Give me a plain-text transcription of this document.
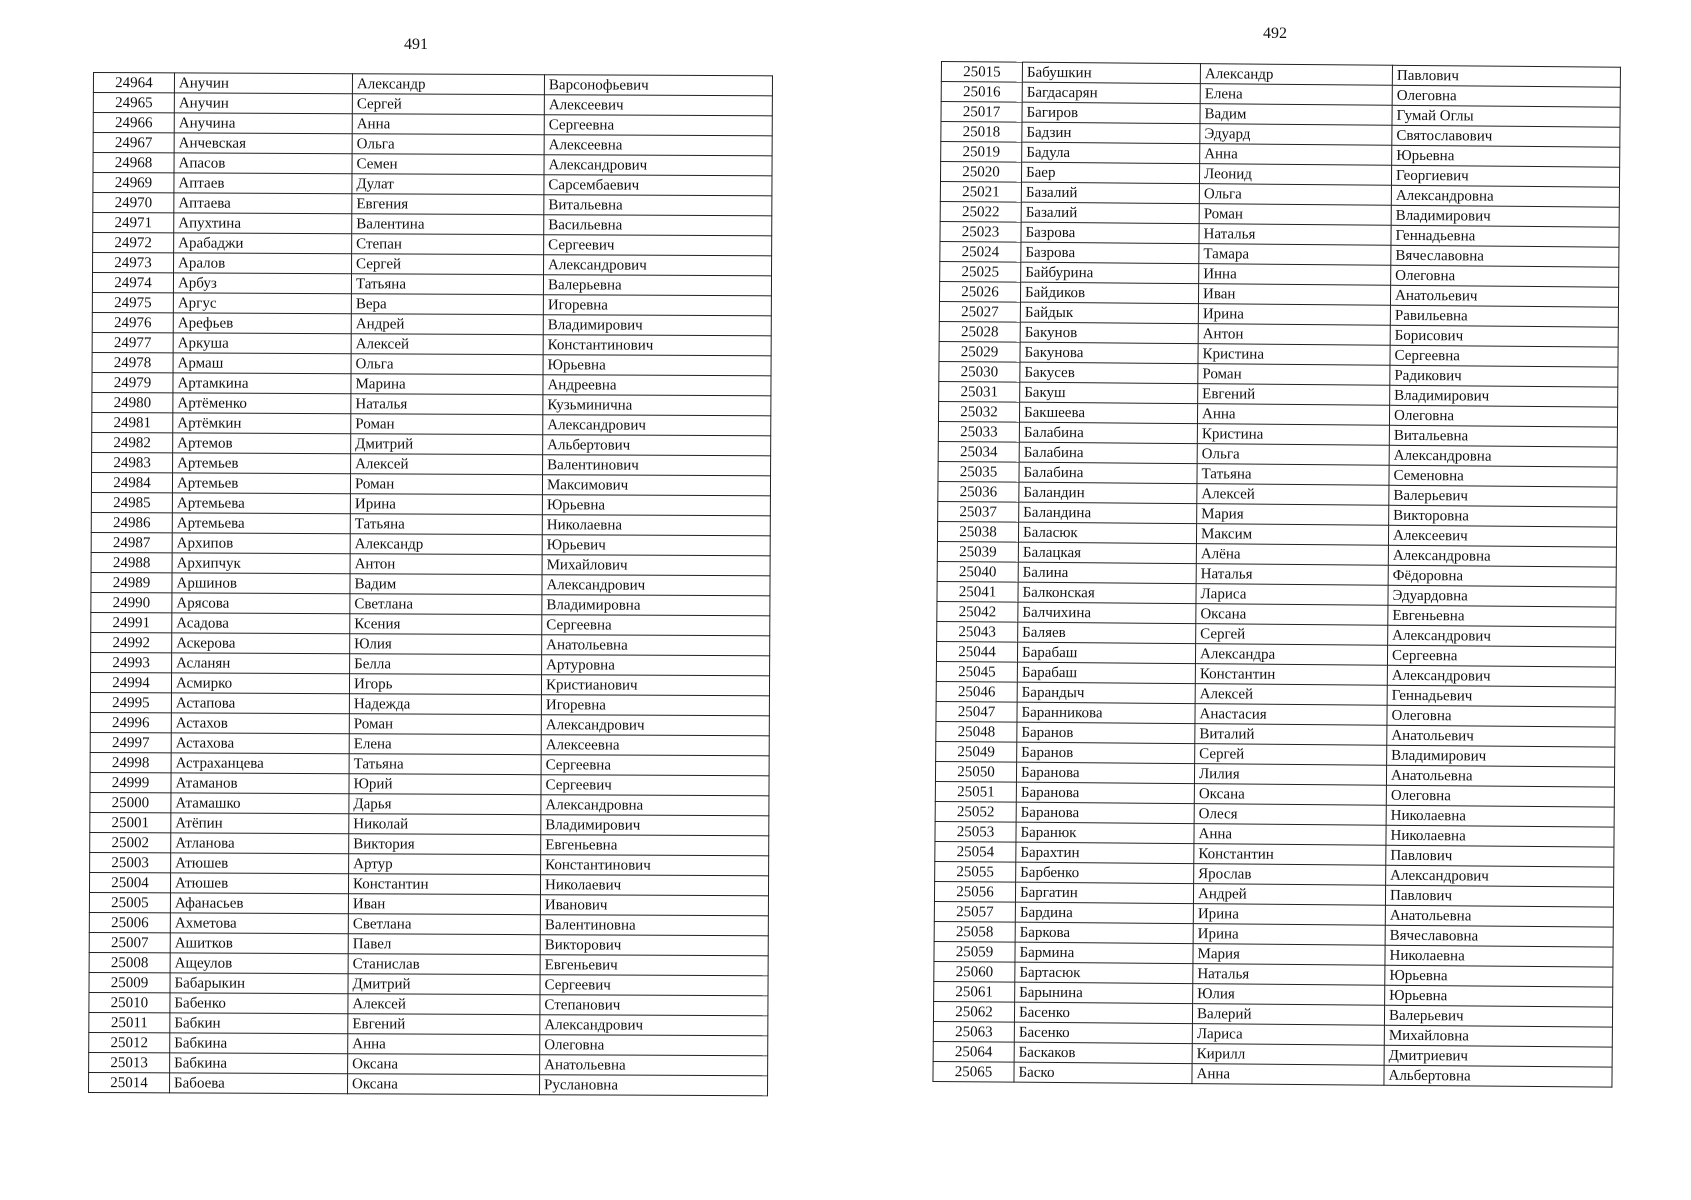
491
492
24964	Анучин	Александр	Варсонофьевич
24965	Анучин	Сергей	Алексеевич
24966	Анучина	Анна	Сергеевна
24967	Анчевская	Ольга	Алексеевна
24968	Апасов	Семен	Александрович
24969	Аптаев	Дулат	Сарсембаевич
24970	Аптаева	Евгения	Витальевна
24971	Апухтина	Валентина	Васильевна
24972	Арабаджи	Степан	Сергеевич
24973	Аралов	Сергей	Александрович
24974	Арбуз	Татьяна	Валерьевна
24975	Аргус	Вера	Игоревна
24976	Арефьев	Андрей	Владимирович
24977	Аркуша	Алексей	Константинович
24978	Армаш	Ольга	Юрьевна
24979	Артамкина	Марина	Андреевна
24980	Артёменко	Наталья	Кузьминична
24981	Артёмкин	Роман	Александрович
24982	Артемов	Дмитрий	Альбертович
24983	Артемьев	Алексей	Валентинович
24984	Артемьев	Роман	Максимович
24985	Артемьева	Ирина	Юрьевна
24986	Артемьева	Татьяна	Николаевна
24987	Архипов	Александр	Юрьевич
24988	Архипчук	Антон	Михайлович
24989	Аршинов	Вадим	Александрович
24990	Арясова	Светлана	Владимировна
24991	Асадова	Ксения	Сергеевна
24992	Аскерова	Юлия	Анатольевна
24993	Асланян	Белла	Артуровна
24994	Асмирко	Игорь	Кристианович
24995	Астапова	Надежда	Игоревна
24996	Астахов	Роман	Александрович
24997	Астахова	Елена	Алексеевна
24998	Астраханцева	Татьяна	Сергеевна
24999	Атаманов	Юрий	Сергеевич
25000	Атамашко	Дарья	Александровна
25001	Атёпин	Николай	Владимирович
25002	Атланова	Виктория	Евгеньевна
25003	Атюшев	Артур	Константинович
25004	Атюшев	Константин	Николаевич
25005	Афанасьев	Иван	Иванович
25006	Ахметова	Светлана	Валентиновна
25007	Ашитков	Павел	Викторович
25008	Ащеулов	Станислав	Евгеньевич
25009	Бабарыкин	Дмитрий	Сергеевич
25010	Бабенко	Алексей	Степанович
25011	Бабкин	Евгений	Александрович
25012	Бабкина	Анна	Олеговна
25013	Бабкина	Оксана	Анатольевна
25014	Бабоева	Оксана	Руслановна
25015	Бабушкин	Александр	Павлович
25016	Багдасарян	Елена	Олеговна
25017	Багиров	Вадим	Гумай Оглы
25018	Бадзин	Эдуард	Святославович
25019	Бадула	Анна	Юрьевна
25020	Баер	Леонид	Георгиевич
25021	Базалий	Ольга	Александровна
25022	Базалий	Роман	Владимирович
25023	Базрова	Наталья	Геннадьевна
25024	Базрова	Тамара	Вячеславовна
25025	Байбурина	Инна	Олеговна
25026	Байдиков	Иван	Анатольевич
25027	Байдык	Ирина	Равильевна
25028	Бакунов	Антон	Борисович
25029	Бакунова	Кристина	Сергеевна
25030	Бакусев	Роман	Радикович
25031	Бакуш	Евгений	Владимирович
25032	Бакшеева	Анна	Олеговна
25033	Балабина	Кристина	Витальевна
25034	Балабина	Ольга	Александровна
25035	Балабина	Татьяна	Семеновна
25036	Баландин	Алексей	Валерьевич
25037	Баландина	Мария	Викторовна
25038	Баласюк	Максим	Алексеевич
25039	Балацкая	Алёна	Александровна
25040	Балина	Наталья	Фёдоровна
25041	Балконская	Лариса	Эдуардовна
25042	Балчихина	Оксана	Евгеньевна
25043	Баляев	Сергей	Александрович
25044	Барабаш	Александра	Сергеевна
25045	Барабаш	Константин	Александрович
25046	Барандыч	Алексей	Геннадьевич
25047	Баранникова	Анастасия	Олеговна
25048	Баранов	Виталий	Анатольевич
25049	Баранов	Сергей	Владимирович
25050	Баранова	Лилия	Анатольевна
25051	Баранова	Оксана	Олеговна
25052	Баранова	Олеся	Николаевна
25053	Баранюк	Анна	Николаевна
25054	Барахтин	Константин	Павлович
25055	Барбенко	Ярослав	Александрович
25056	Баргатин	Андрей	Павлович
25057	Бардина	Ирина	Анатольевна
25058	Баркова	Ирина	Вячеславовна
25059	Бармина	Мария	Николаевна
25060	Бартасюк	Наталья	Юрьевна
25061	Барынина	Юлия	Юрьевна
25062	Басенко	Валерий	Валерьевич
25063	Басенко	Лариса	Михайловна
25064	Баскаков	Кирилл	Дмитриевич
25065	Баско	Анна	Альбертовна
